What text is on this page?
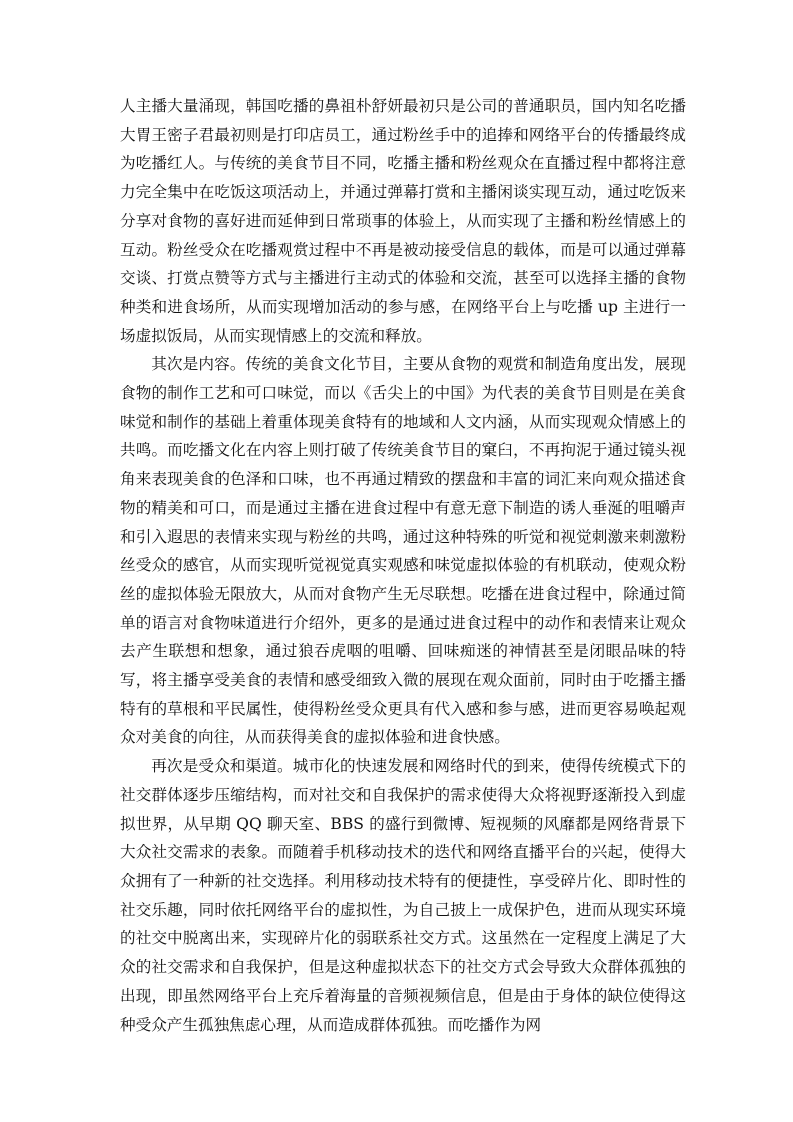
人主播大量涌现，韩国吃播的鼻祖朴舒妍最初只是公司的普通职员，国内知名吃播大胃王密子君最初则是打印店员工，通过粉丝手中的追捧和网络平台的传播最终成为吃播红人。与传统的美食节目不同，吃播主播和粉丝观众在直播过程中都将注意力完全集中在吃饭这项活动上，并通过弹幕打赏和主播闲谈实现互动，通过吃饭来分享对食物的喜好进而延伸到日常琐事的体验上，从而实现了主播和粉丝情感上的互动。粉丝受众在吃播观赏过程中不再是被动接受信息的载体，而是可以通过弹幕交谈、打赏点赞等方式与主播进行主动式的体验和交流，甚至可以选择主播的食物种类和进食场所，从而实现增加活动的参与感，在网络平台上与吃播 up 主进行一场虚拟饭局，从而实现情感上的交流和释放。

其次是内容。传统的美食文化节目，主要从食物的观赏和制造角度出发，展现食物的制作工艺和可口味觉，而以《舌尖上的中国》为代表的美食节目则是在美食味觉和制作的基础上着重体现美食特有的地域和人文内涵，从而实现观众情感上的共鸣。而吃播文化在内容上则打破了传统美食节目的窠臼，不再拘泥于通过镜头视角来表现美食的色泽和口味，也不再通过精致的摆盘和丰富的词汇来向观众描述食物的精美和可口，而是通过主播在进食过程中有意无意下制造的诱人垂涎的咀嚼声和引入遐思的表情来实现与粉丝的共鸣，通过这种特殊的听觉和视觉刺激来刺激粉丝受众的感官，从而实现听觉视觉真实观感和味觉虚拟体验的有机联动，使观众粉丝的虚拟体验无限放大，从而对食物产生无尽联想。吃播在进食过程中，除通过简单的语言对食物味道进行介绍外，更多的是通过进食过程中的动作和表情来让观众去产生联想和想象，通过狼吞虎咽的咀嚼、回味痴迷的神情甚至是闭眼品味的特写，将主播享受美食的表情和感受细致入微的展现在观众面前，同时由于吃播主播特有的草根和平民属性，使得粉丝受众更具有代入感和参与感，进而更容易唤起观众对美食的向往，从而获得美食的虚拟体验和进食快感。

再次是受众和渠道。城市化的快速发展和网络时代的到来，使得传统模式下的社交群体逐步压缩结构，而对社交和自我保护的需求使得大众将视野逐渐投入到虚拟世界，从早期 QQ 聊天室、BBS 的盛行到微博、短视频的风靡都是网络背景下大众社交需求的表象。而随着手机移动技术的迭代和网络直播平台的兴起，使得大众拥有了一种新的社交选择。利用移动技术特有的便捷性，享受碎片化、即时性的社交乐趣，同时依托网络平台的虚拟性，为自己披上一成保护色，进而从现实环境的社交中脱离出来，实现碎片化的弱联系社交方式。这虽然在一定程度上满足了大众的社交需求和自我保护，但是这种虚拟状态下的社交方式会导致大众群体孤独的出现，即虽然网络平台上充斥着海量的音频视频信息，但是由于身体的缺位使得这种受众产生孤独焦虑心理，从而造成群体孤独。而吃播作为网
